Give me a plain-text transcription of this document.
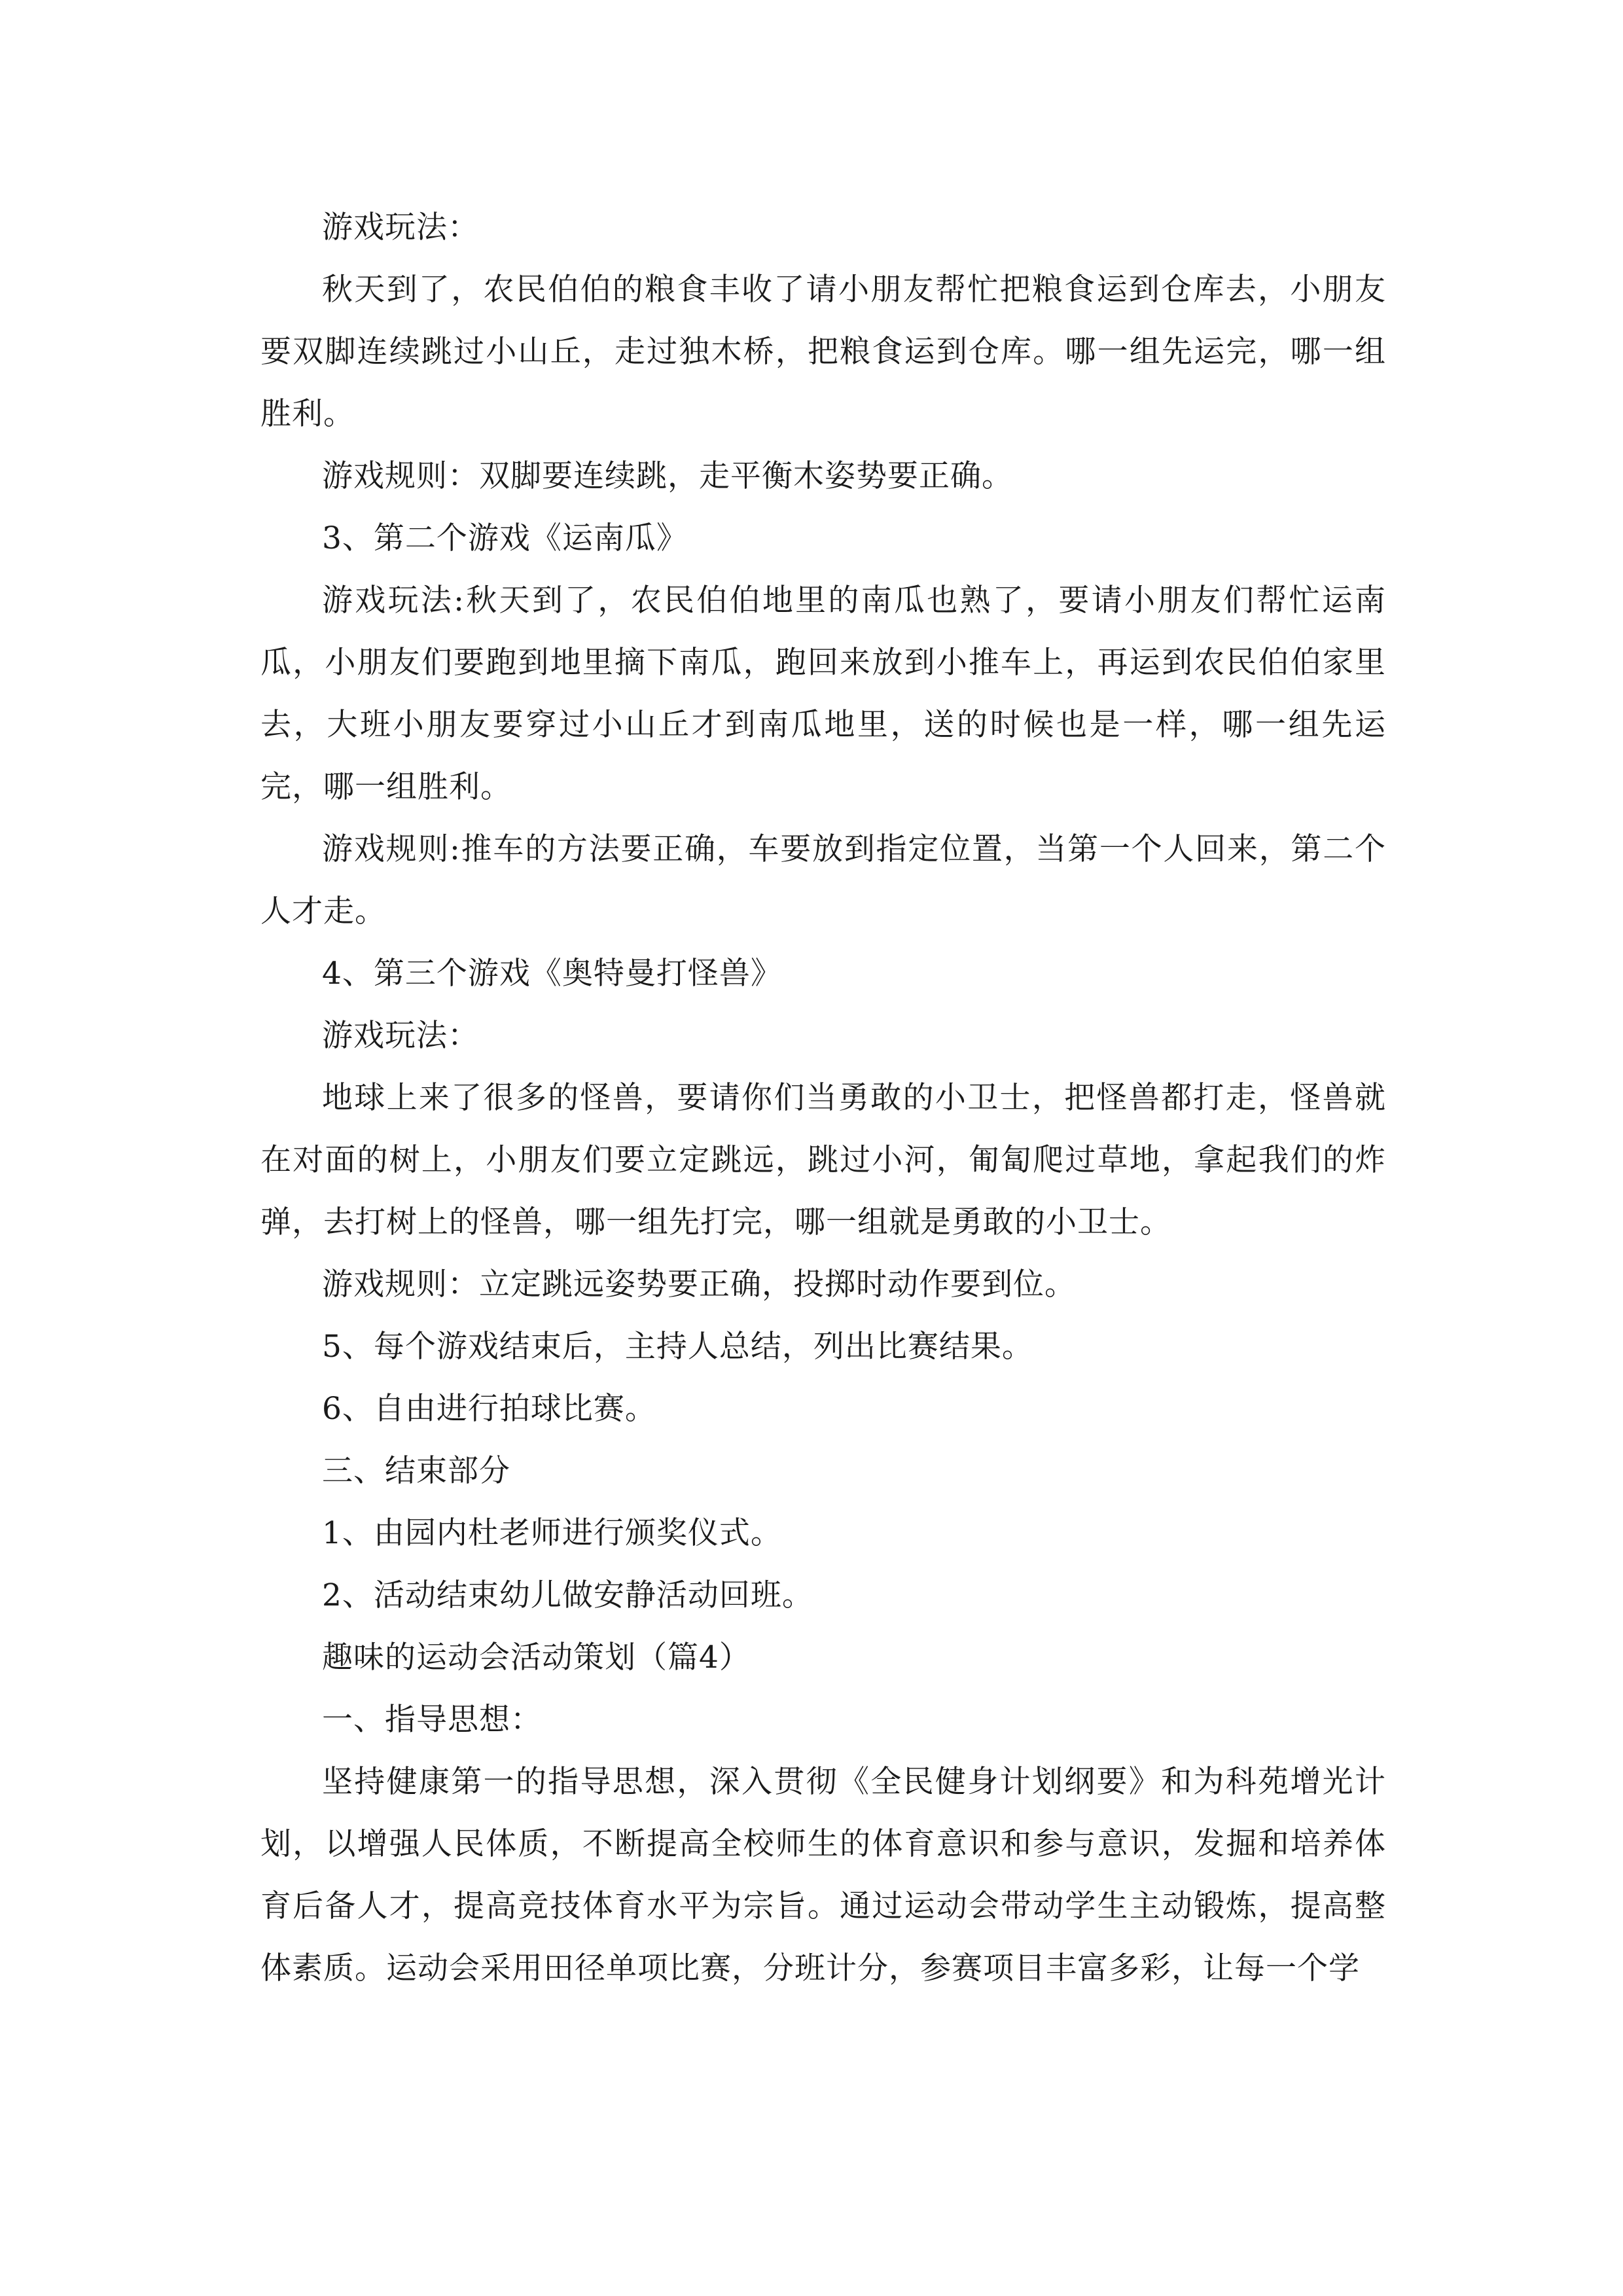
游戏玩法：

秋天到了，农民伯伯的粮食丰收了请小朋友帮忙把粮食运到仓库去，小朋友要双脚连续跳过小山丘，走过独木桥，把粮食运到仓库。哪一组先运完，哪一组胜利。

游戏规则：双脚要连续跳，走平衡木姿势要正确。

3、第二个游戏《运南瓜》

游戏玩法:秋天到了，农民伯伯地里的南瓜也熟了，要请小朋友们帮忙运南瓜，小朋友们要跑到地里摘下南瓜，跑回来放到小推车上，再运到农民伯伯家里去，大班小朋友要穿过小山丘才到南瓜地里，送的时候也是一样，哪一组先运完，哪一组胜利。

游戏规则:推车的方法要正确，车要放到指定位置，当第一个人回来，第二个人才走。

4、第三个游戏《奥特曼打怪兽》

游戏玩法：

地球上来了很多的怪兽，要请你们当勇敢的小卫士，把怪兽都打走，怪兽就在对面的树上，小朋友们要立定跳远，跳过小河，匍匐爬过草地，拿起我们的炸弹，去打树上的怪兽，哪一组先打完，哪一组就是勇敢的小卫士。

游戏规则：立定跳远姿势要正确，投掷时动作要到位。

5、每个游戏结束后，主持人总结，列出比赛结果。

6、自由进行拍球比赛。

三、结束部分

1、由园内杜老师进行颁奖仪式。

2、活动结束幼儿做安静活动回班。

趣味的运动会活动策划（篇4）

一、指导思想：

坚持健康第一的指导思想，深入贯彻《全民健身计划纲要》和为科苑增光计划，以增强人民体质，不断提高全校师生的体育意识和参与意识，发掘和培养体育后备人才，提高竞技体育水平为宗旨。通过运动会带动学生主动锻炼，提高整体素质。运动会采用田径单项比赛，分班计分，参赛项目丰富多彩，让每一个学
